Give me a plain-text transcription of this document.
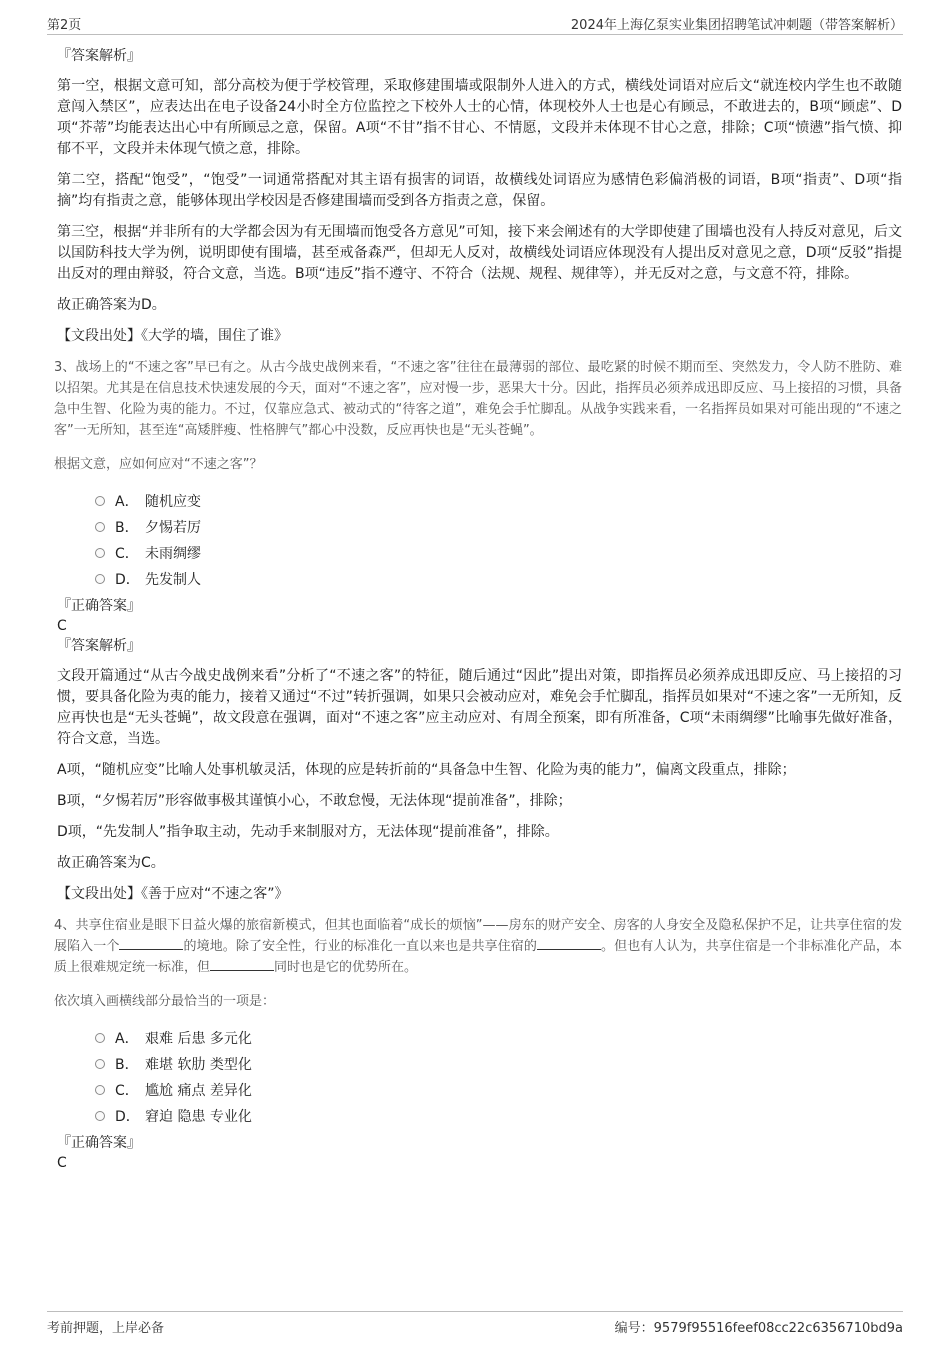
第2页	2024年上海亿泵实业集团招聘笔试冲刺题（带答案解析）
『答案解析』

第一空，根据文意可知，部分高校为便于学校管理，采取修建围墙或限制外人进入的方式，横线处词语对应后文“就连校内学生也不敢随意闯入禁区”，应表达出在电子设备24小时全方位监控之下校外人士的心情，体现校外人士也是心有顾忌，不敢进去的，B项“顾虑”、D项“芥蒂”均能表达出心中有所顾忌之意，保留。A项“不甘”指不甘心、不情愿，文段并未体现不甘心之意，排除；C项“愤懑”指气愤、抑郁不平，文段并未体现气愤之意，排除。

第二空，搭配“饱受”，“饱受”一词通常搭配对其主语有损害的词语，故横线处词语应为感情色彩偏消极的词语，B项“指责”、D项“指摘”均有指责之意，能够体现出学校因是否修建围墙而受到各方指责之意，保留。

第三空，根据“并非所有的大学都会因为有无围墙而饱受各方意见”可知，接下来会阐述有的大学即使建了围墙也没有人持反对意见，后文以国防科技大学为例，说明即使有围墙，甚至戒备森严，但却无人反对，故横线处词语应体现没有人提出反对意见之意，D项“反驳”指提出反对的理由辩驳，符合文意，当选。B项“违反”指不遵守、不符合（法规、规程、规律等），并无反对之意，与文意不符，排除。

故正确答案为D。

【文段出处】《大学的墙，围住了谁》

3、战场上的“不速之客”早已有之。从古今战史战例来看，“不速之客”往往在最薄弱的部位、最吃紧的时候不期而至、突然发力，令人防不胜防、难以招架。尤其是在信息技术快速发展的今天，面对“不速之客”，应对慢一步，恶果大十分。因此，指挥员必须养成迅即反应、马上接招的习惯，具备急中生智、化险为夷的能力。不过，仅靠应急式、被动式的“待客之道”，难免会手忙脚乱。从战争实践来看，一名指挥员如果对可能出现的“不速之客”一无所知，甚至连“高矮胖瘦、性格脾气”都心中没数，反应再快也是“无头苍蝇”。

根据文意，应如何应对“不速之客”？

A． 随机应变
B． 夕惕若厉
C． 未雨绸缪
D． 先发制人

『正确答案』

C

『答案解析』

文段开篇通过“从古今战史战例来看”分析了“不速之客”的特征，随后通过“因此”提出对策，即指挥员必须养成迅即反应、马上接招的习惯，要具备化险为夷的能力，接着又通过“不过”转折强调，如果只会被动应对，难免会手忙脚乱，指挥员如果对“不速之客”一无所知，反应再快也是“无头苍蝇”，故文段意在强调，面对“不速之客”应主动应对、有周全预案，即有所准备，C项“未雨绸缪”比喻事先做好准备，符合文意，当选。

A项，“随机应变”比喻人处事机敏灵活，体现的应是转折前的“具备急中生智、化险为夷的能力”，偏离文段重点，排除；

B项，“夕惕若厉”形容做事极其谨慎小心，不敢怠慢，无法体现“提前准备”，排除；

D项，“先发制人”指争取主动，先动手来制服对方，无法体现“提前准备”，排除。

故正确答案为C。

【文段出处】《善于应对“不速之客”》

4、共享住宿业是眼下日益火爆的旅宿新模式，但其也面临着“成长的烦恼”——房东的财产安全、房客的人身安全及隐私保护不足，让共享住宿的发展陷入一个	的境地。除了安全性，行业的标准化一直以来也是共享住宿的	。但也有人认为，共享住宿是一个非标准化产品，本质上很难规定统一标准，但	同时也是它的优势所在。

依次填入画横线部分最恰当的一项是：

A． 艰难 后患 多元化
B． 难堪 软肋 类型化
C． 尴尬 痛点 差异化
D． 窘迫 隐患 专业化

『正确答案』

C

考前押题，上岸必备	编号：9579f95516feef08cc22c6356710bd9a
